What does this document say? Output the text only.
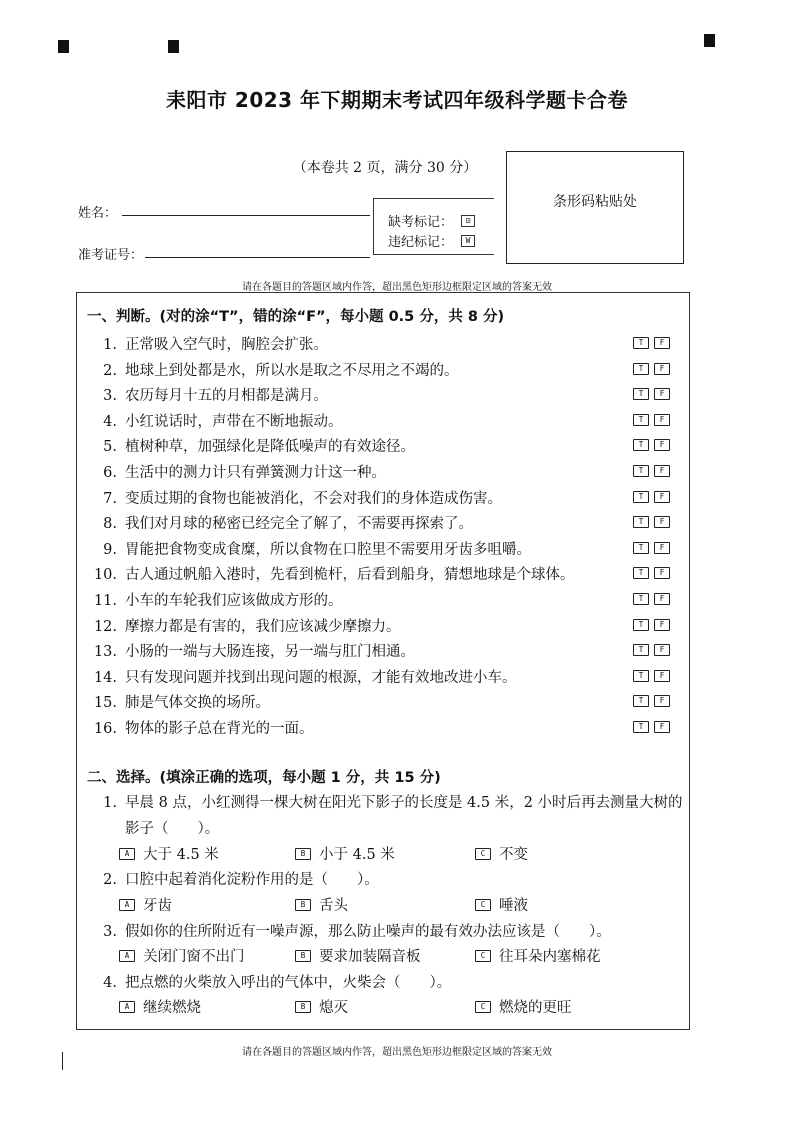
耒阳市 2023 年下期期末考试四年级科学题卡合卷
（本卷共 2 页，满分 30 分）
条形码粘贴处
姓名：
准考证号：
缺考标记：	⊡
违纪标记：	W
请在各题目的答题区域内作答，超出黑色矩形边框限定区域的答案无效
一、判断。(对的涂“T”，错的涂“F”，每小题 0.5 分，共 8 分)
1. 正常吸入空气时，胸腔会扩张。	T	F
2. 地球上到处都是水，所以水是取之不尽用之不竭的。	T	F
3. 农历每月十五的月相都是满月。	T	F
4. 小红说话时，声带在不断地振动。	T	F
5. 植树种草，加强绿化是降低噪声的有效途径。	T	F
6. 生活中的测力计只有弹簧测力计这一种。	T	F
7. 变质过期的食物也能被消化，不会对我们的身体造成伤害。	T	F
8. 我们对月球的秘密已经完全了解了，不需要再探索了。	T	F
9. 胃能把食物变成食糜，所以食物在口腔里不需要用牙齿多咀嚼。	T	F
10. 古人通过帆船入港时，先看到桅杆，后看到船身，猜想地球是个球体。	T	F
11. 小车的车轮我们应该做成方形的。	T	F
12. 摩擦力都是有害的，我们应该减少摩擦力。	T	F
13. 小肠的一端与大肠连接，另一端与肛门相通。	T	F
14. 只有发现问题并找到出现问题的根源，才能有效地改进小车。	T	F
15. 肺是气体交换的场所。	T	F
16. 物体的影子总在背光的一面。	T	F
二、选择。(填涂正确的选项，每小题 1 分，共 15 分)
1. 早晨 8 点，小红测得一棵大树在阳光下影子的长度是 4.5 米，2 小时后再去测量大树的
影子（　　）。
A 大于 4.5 米	B 小于 4.5 米	C 不变
2. 口腔中起着消化淀粉作用的是（　　）。
A 牙齿	B 舌头	C 唾液
3. 假如你的住所附近有一噪声源，那么防止噪声的最有效办法应该是（　　）。
A 关闭门窗不出门	B 要求加装隔音板	C 往耳朵内塞棉花
4. 把点燃的火柴放入呼出的气体中，火柴会（　　）。
A 继续燃烧	B 熄灭	C 燃烧的更旺
请在各题目的答题区域内作答，超出黑色矩形边框限定区域的答案无效
